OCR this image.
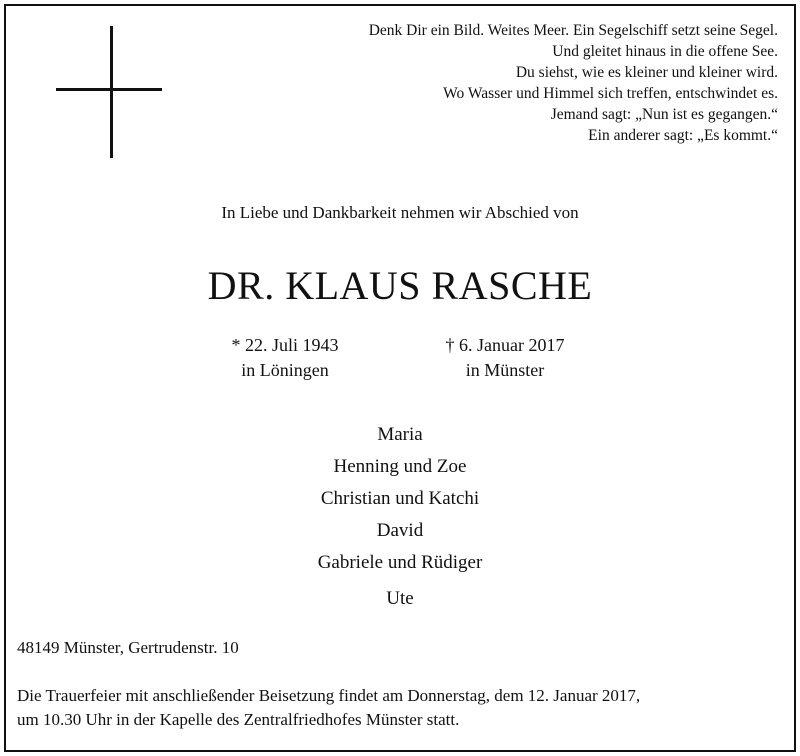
Denk Dir ein Bild. Weites Meer. Ein Segelschiff setzt seine Segel.
Und gleitet hinaus in die offene See.
Du siehst, wie es kleiner und kleiner wird.
Wo Wasser und Himmel sich treffen, entschwindet es.
Jemand sagt: „Nun ist es gegangen.“
Ein anderer sagt: „Es kommt.“
In Liebe und Dankbarkeit nehmen wir Abschied von
DR. KLAUS RASCHE
* 22. Juli 1943
in Löningen
† 6. Januar 2017
in Münster
Maria
Henning und Zoe
Christian und Katchi
David
Gabriele und Rüdiger
Ute
48149 Münster, Gertrudenstr. 10
Die Trauerfeier mit anschließender Beisetzung findet am Donnerstag, dem 12. Januar 2017,
um 10.30 Uhr in der Kapelle des Zentralfriedhofes Münster statt.
